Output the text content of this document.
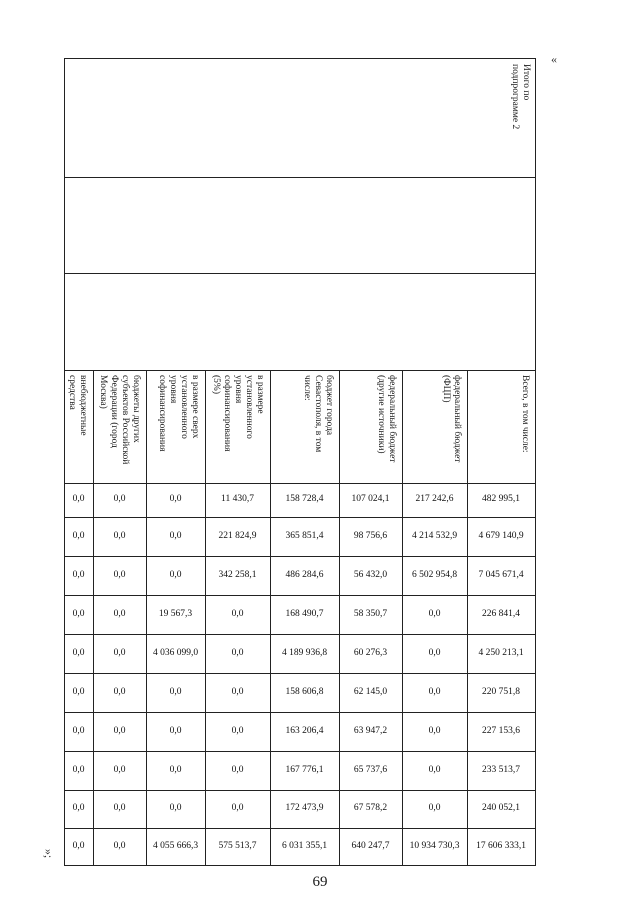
«
»;
Итого по
подпрограмме 2
Всего, в том числе:
федеральный бюджет
(ФЦП)
федеральный бюджет
(другие источники)
бюджет города
Севастополя, в том
числе:
в размере
установленного
уровня
софинансирования
(5%)
в размере сверх
установленного
уровня
софинансирования
бюджеты других
субъектов Российской
Федерации (город
Москва)
внебюджетные
средства
482 995,1
217 242,6
107 024,1
158 728,4
11 430,7
0,0
0,0
0,0
4 679 140,9
4 214 532,9
98 756,6
365 851,4
221 824,9
0,0
0,0
0,0
7 045 671,4
6 502 954,8
56 432,0
486 284,6
342 258,1
0,0
0,0
0,0
226 841,4
0,0
58 350,7
168 490,7
0,0
19 567,3
0,0
0,0
4 250 213,1
0,0
60 276,3
4 189 936,8
0,0
4 036 099,0
0,0
0,0
220 751,8
0,0
62 145,0
158 606,8
0,0
0,0
0,0
0,0
227 153,6
0,0
63 947,2
163 206,4
0,0
0,0
0,0
0,0
233 513,7
0,0
65 737,6
167 776,1
0,0
0,0
0,0
0,0
240 052,1
0,0
67 578,2
172 473,9
0,0
0,0
0,0
0,0
17 606 333,1
10 934 730,3
640 247,7
6 031 355,1
575 513,7
4 055 666,3
0,0
0,0
69
